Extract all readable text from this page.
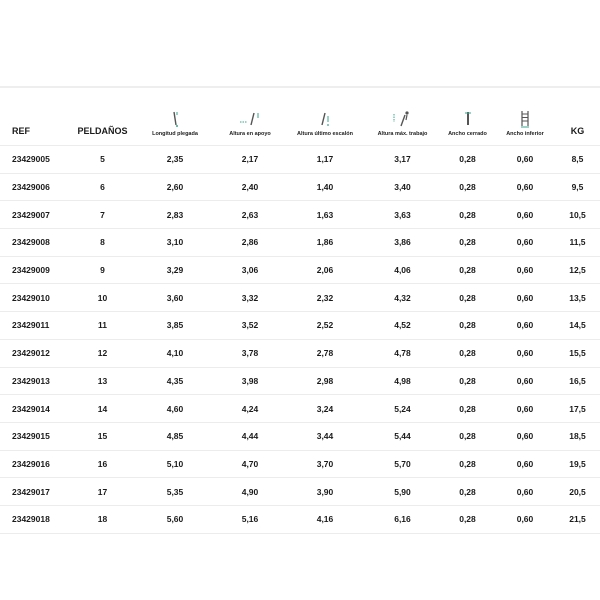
REF	PELDAÑOS	Longitud plegada	Altura en apoyo	Altura último escalón	Altura máx. trabajo	Ancho cerrado	Ancho inferior	KG
23429005	5	2,35	2,17	1,17	3,17	0,28	0,60	8,5
23429006	6	2,60	2,40	1,40	3,40	0,28	0,60	9,5
23429007	7	2,83	2,63	1,63	3,63	0,28	0,60	10,5
23429008	8	3,10	2,86	1,86	3,86	0,28	0,60	11,5
23429009	9	3,29	3,06	2,06	4,06	0,28	0,60	12,5
23429010	10	3,60	3,32	2,32	4,32	0,28	0,60	13,5
23429011	11	3,85	3,52	2,52	4,52	0,28	0,60	14,5
23429012	12	4,10	3,78	2,78	4,78	0,28	0,60	15,5
23429013	13	4,35	3,98	2,98	4,98	0,28	0,60	16,5
23429014	14	4,60	4,24	3,24	5,24	0,28	0,60	17,5
23429015	15	4,85	4,44	3,44	5,44	0,28	0,60	18,5
23429016	16	5,10	4,70	3,70	5,70	0,28	0,60	19,5
23429017	17	5,35	4,90	3,90	5,90	0,28	0,60	20,5
23429018	18	5,60	5,16	4,16	6,16	0,28	0,60	21,5
